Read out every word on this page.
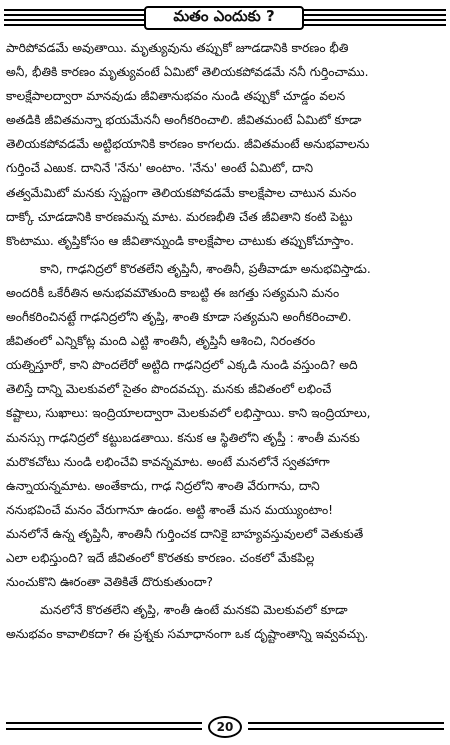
మతం ఎందుకు ?
పారిపోవడమే అవుతాయి. మృత్యువును తప్పుకో జూడడానికి కారణం భీతి
అనీ, భీతికి కారణం మృత్యువంటే ఏమిటో తెలియకపోవడమే ననీ గుర్తించాము.
కాలక్షేపాలద్వారా మానవుడు జీవితానుభవం నుండి తప్పుకో చూడ్డం వలన
అతడికి జీవితమన్నా భయమేననీ అంగీకరించాలి. జీవితమంటే ఏమిటో కూడా
తెలియకపోవడమే అట్టిభయానికి కారణం కాగలదు. జీవితమంటే అనుభవాలను
గుర్తించే ఎఱుక. దానినే 'నేను' అంటాం. 'నేను' అంటే ఏమిటో, దాని
తత్వమేమిటో మనకు స్పష్టంగా తెలియకపోవడమే కాలక్షేపాల చాటున మనం
దాక్కో చూడడానికి కారణమన్న మాట. మరణభీతి చేత జీవితాని కంటి పెట్టు
కొంటాము. తృప్తికోసం ఆ జీవితాన్నుండి కాలక్షేపాల చాటుకు తప్పుకోచూస్తాం.
కాని, గాఢనిద్రలో కొరతలేని తృప్తినీ, శాంతినీ, ప్రతీవాడూ అనుభవిస్తాడు.
అందరికీ ఒకేరీతిన అనుభవమౌతుంది కాబట్టి ఈ జగత్తు సత్యమని మనం
అంగీకరించినట్టే గాఢనిద్రలోని తృప్తి, శాంతి కూడా సత్యమని అంగీకరించాలి.
జీవితంలో ఎన్నికోట్ల మంది ఎట్టి శాంతినీ, తృప్తినీ ఆశించి, నిరంతరం
యత్నిస్తూరో, కాని పొందలేరో అట్టిది గాఢనిద్రలో ఎక్కడి నుండి వస్తుంది? అది
తెలిస్తే దాన్ని మెలకువలో సైతం పొందవచ్చు. మనకు జీవితంలో లభించే
కష్టాలు, సుఖాలు: ఇంద్రియాలద్వారా మెలకువలో లభిస్తాయి. కాని ఇంద్రియాలు,
మనస్సు గాఢనిద్రలో కట్టుబడతాయి. కనుక ఆ స్థితిలోని తృప్తీ : శాంతీ మనకు
మరొకచోటు నుండి లభించేవి కావన్నమాట. అంటే మనలోనే స్వతహాగా
ఉన్నాయన్నమాట. అంతేకాదు, గాఢ నిద్రలోని శాంతి వేరుగాను, దాని
ననుభవించే మనం వేరుగానూ ఉండం. అట్టి శాంతే మన మయ్యుంటాం!
మనలోనే ఉన్న తృప్తినీ, శాంతినీ గుర్తించక దానికై బాహ్యవస్తువులలో వెతుకుతే
ఎలా లభిస్తుంది? ఇదే జీవితంలో కొరతకు కారణం. చంకలో మేకపిల్ల
నుంచుకొని ఊరంతా వెతికితే దొరుకుతుందా?
మనలోనే కొరతలేని తృప్తి, శాంతీ ఉంటే మనకవి మెలకువలో కూడా
అనుభవం కావాలికదా? ఈ ప్రశ్నకు సమాధానంగా ఒక దృష్టాంతాన్ని ఇవ్వవచ్చు.
20
